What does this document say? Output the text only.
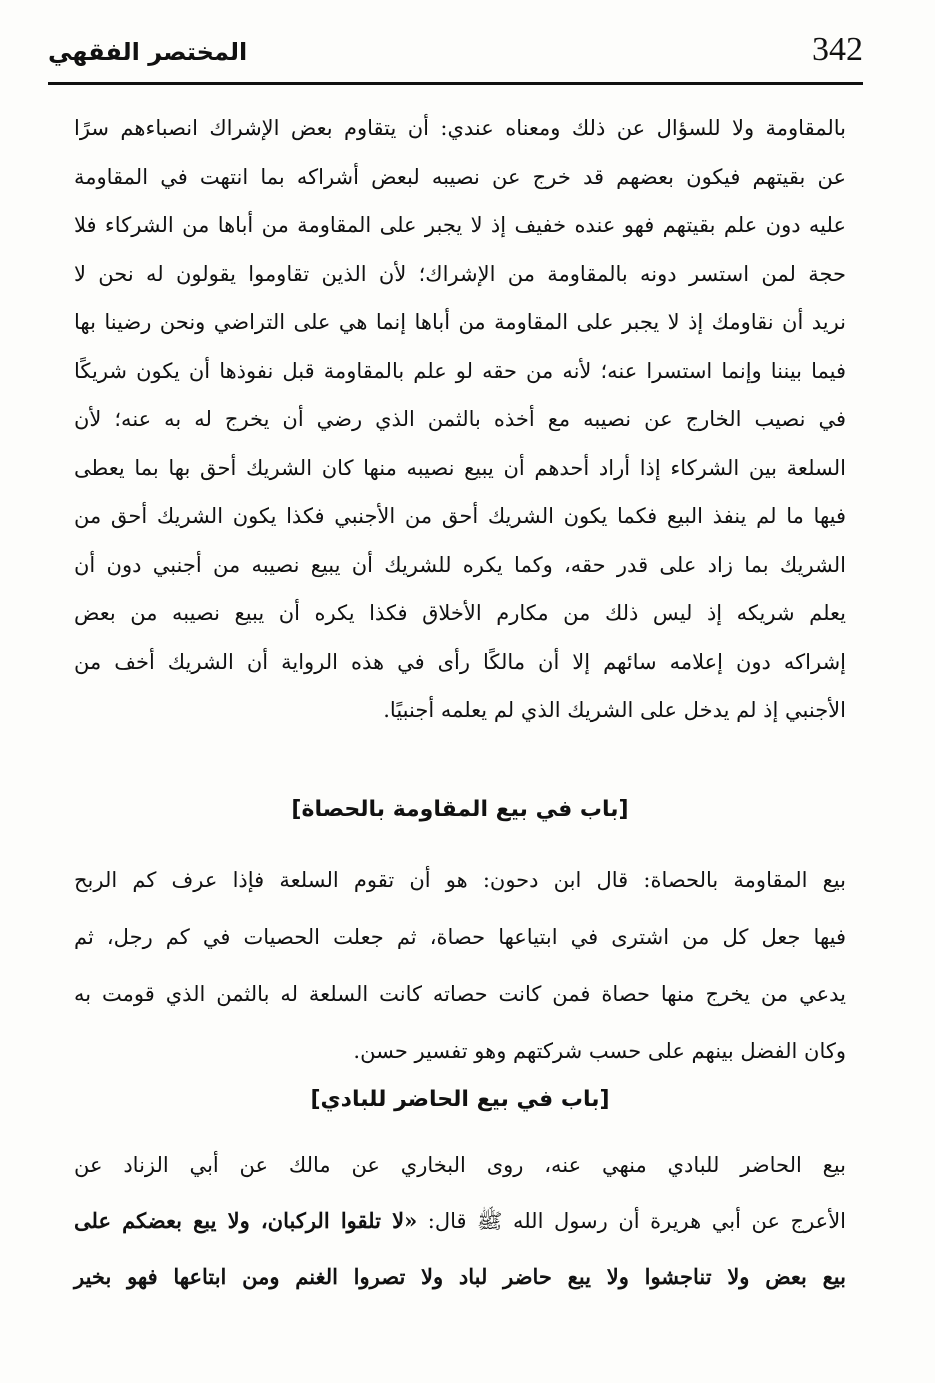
342
المختصر الفقهي

بالمقاومة ولا للسؤال عن ذلك ومعناه عندي: أن يتقاوم بعض الإشراك انصباءهم سرًا

عن بقيتهم فيكون بعضهم قد خرج عن نصيبه لبعض أشراكه بما انتهت في المقاومة

عليه دون علم بقيتهم فهو عنده خفيف إذ لا يجبر على المقاومة من أباها من الشركاء فلا

حجة لمن استسر دونه بالمقاومة من الإشراك؛ لأن الذين تقاوموا يقولون له نحن لا

نريد أن نقاومك إذ لا يجبر على المقاومة من أباها إنما هي على التراضي ونحن رضينا بها

فيما بيننا وإنما استسرا عنه؛ لأنه من حقه لو علم بالمقاومة قبل نفوذها أن يكون شريكًا

في نصيب الخارج عن نصيبه مع أخذه بالثمن الذي رضي أن يخرج له به عنه؛ لأن

السلعة بين الشركاء إذا أراد أحدهم أن يبيع نصيبه منها كان الشريك أحق بها بما يعطى

فيها ما لم ينفذ البيع فكما يكون الشريك أحق من الأجنبي فكذا يكون الشريك أحق من

الشريك بما زاد على قدر حقه، وكما يكره للشريك أن يبيع نصيبه من أجنبي دون أن

يعلم شريكه إذ ليس ذلك من مكارم الأخلاق فكذا يكره أن يبيع نصيبه من بعض

إشراكه دون إعلامه سائهم إلا أن مالكًا رأى في هذه الرواية أن الشريك أخف من

الأجنبي إذ لم يدخل على الشريك الذي لم يعلمه أجنبيًا.

[باب في بيع المقاومة بالحصاة]

بيع المقاومة بالحصاة: قال ابن دحون: هو أن تقوم السلعة فإذا عرف كم الربح

فيها جعل كل من اشترى في ابتياعها حصاة، ثم جعلت الحصيات في كم رجل، ثم

يدعي من يخرج منها حصاة فمن كانت حصاته كانت السلعة له بالثمن الذي قومت به

وكان الفضل بينهم على حسب شركتهم وهو تفسير حسن.

[باب في بيع الحاضر للبادي]

بيع الحاضر للبادي منهي عنه، روى البخاري عن مالك عن أبي الزناد عن

الأعرج عن أبي هريرة أن رسول الله ﷺ قال: «لا تلقوا الركبان، ولا يبع بعضكم على

بيع بعض ولا تناجشوا ولا يبع حاضر لباد ولا تصروا الغنم ومن ابتاعها فهو بخير
